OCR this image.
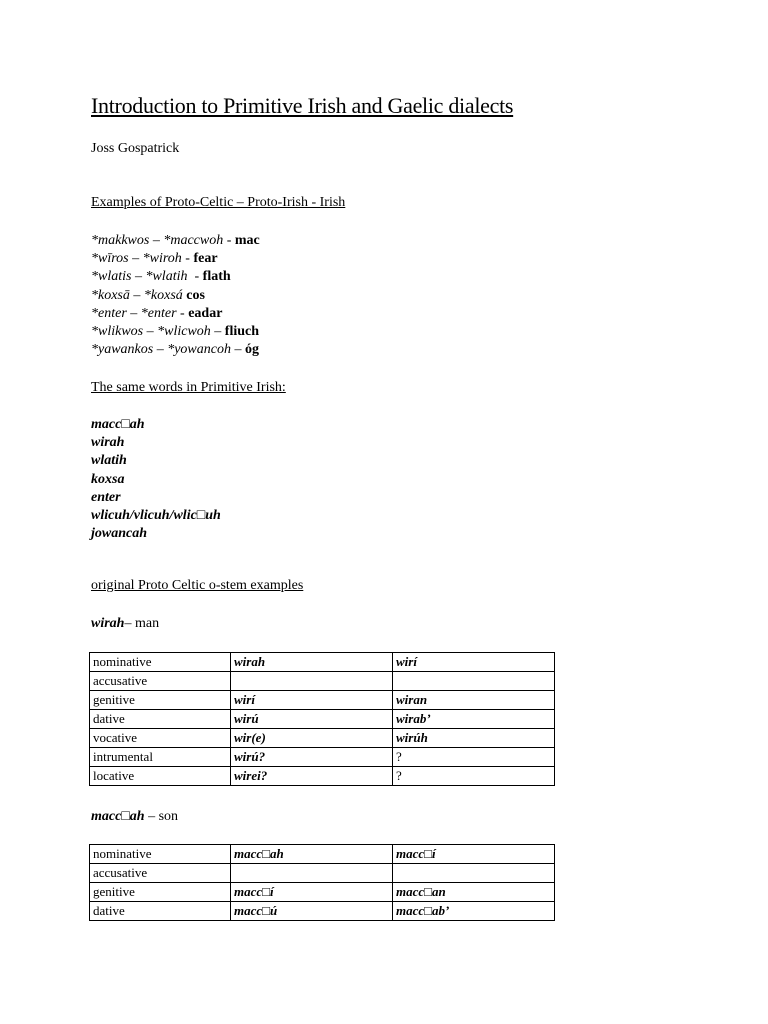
Introduction to Primitive Irish and Gaelic dialects
Joss Gospatrick
Examples of Proto-Celtic – Proto-Irish - Irish
*makkwos – *maccwoh - mac
*wīros – *wiroh - fear
*wlatis – *wlatih  - flath
*koxsā – *koxsá cos
*enter – *enter - eadar
*wlikwos – *wlicwoh – fliuch
*yawankos – *yowancoh – óg
The same words in Primitive Irish:
macc□ah
wirah
wlatih
koxsa
enter
wlicuh/vlicuh/wlic□uh
jowancah
original Proto Celtic o-stem examples
wirah– man
nominative	wirah	wirí
accusative		
genitive	wirí	wiran
dative	wirú	wirab’
vocative	wir(e)	wirúh
intrumental	wirú?	?
locative	wirei?	?
macc□ah – son
nominative	macc□ah	macc□í
accusative		
genitive	macc□í	macc□an
dative	macc□ú	macc□ab’
